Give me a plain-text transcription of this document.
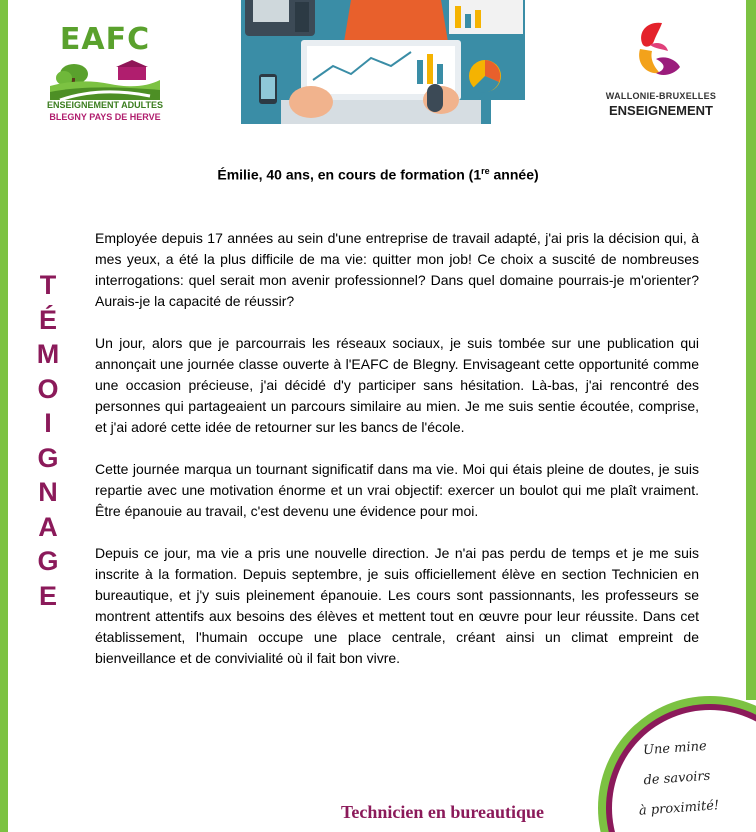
EAFC
ENSEIGNEMENT ADULTES
BLEGNY PAYS DE HERVE
WALLONIE-BRUXELLES
ENSEIGNEMENT
Émilie, 40 ans, en cours de formation (1re année)
T
É
M
O
I
G
N
A
G
E

Employée depuis 17 années au sein d'une entreprise de travail adapté, j'ai pris la décision qui, à mes yeux, a été la plus difficile de ma vie: quitter mon job! Ce choix a suscité de nombreuses interrogations: quel serait mon avenir professionnel? Dans quel domaine pourrais-je m'orienter? Aurais-je la capacité de réussir?

Un jour, alors que je parcourrais les réseaux sociaux, je suis tombée sur une publication qui annonçait une journée classe ouverte à l'EAFC de Blegny. Envisageant cette opportunité comme une occasion précieuse, j'ai décidé d'y participer sans hésitation. Là-bas, j'ai rencontré des personnes qui partageaient un parcours similaire au mien. Je me suis sentie écoutée, comprise, et j'ai adoré cette idée de retourner sur les bancs de l'école.

Cette journée marqua un tournant significatif dans ma vie. Moi qui étais pleine de doutes, je suis repartie avec une motivation énorme et un vrai objectif: exercer un boulot qui me plaît vraiment. Être épanouie au travail, c'est devenu une évidence pour moi.

Depuis ce jour, ma vie a pris une nouvelle direction. Je n'ai pas perdu de temps et je me suis inscrite à la formation. Depuis septembre, je suis officiellement élève en section Technicien en bureautique, et j'y suis pleinement épanouie. Les cours sont passionnants, les professeurs se montrent attentifs aux besoins des élèves et mettent tout en œuvre pour leur réussite. Dans cet établissement, l'humain occupe une place centrale, créant ainsi un climat empreint de bienveillance et de convivialité où il fait bon vivre.

Une mine
de savoirs
à proximité!
Technicien en bureautique
